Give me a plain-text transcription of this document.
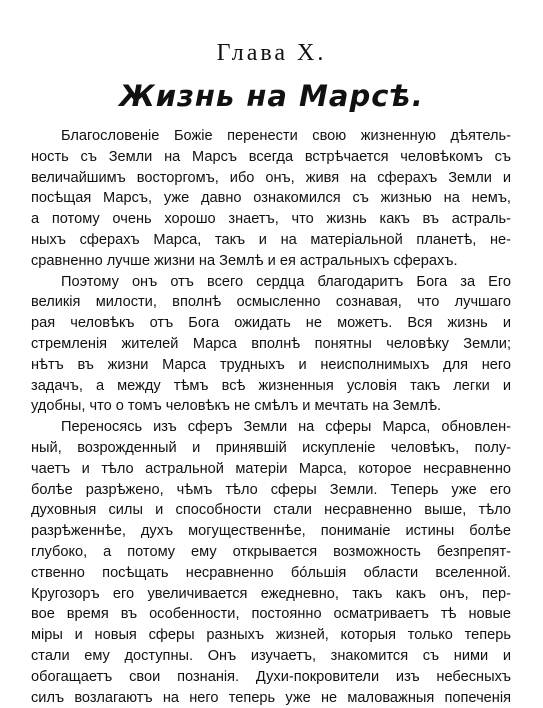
Глава X.
Жизнь на Марсѣ.
Благословеніе Божіе перенести свою жизненную дѣятель-
ность съ Земли на Марсъ всегда встрѣчается человѣкомъ съ
величайшимъ восторгомъ, ибо онъ, живя на сферахъ Земли и
посѣщая Марсъ, уже давно ознакомился съ жизнью на немъ,
а потому очень хорошо знаетъ, что жизнь какъ въ астраль-
ныхъ сферахъ Марса, такъ и на матеріальной планетѣ, не-
сравненно лучше жизни на Землѣ и ея астральныхъ сферахъ.
Поэтому онъ отъ всего сердца благодаритъ Бога за Его
великія милости, вполнѣ осмысленно сознавая, что лучшаго
рая человѣкъ отъ Бога ожидать не можетъ. Вся жизнь и
стремленія жителей Марса вполнѣ понятны человѣку Земли;
нѣтъ въ жизни Марса трудныхъ и неисполнимыхъ для него
задачъ, а между тѣмъ всѣ жизненныя условія такъ легки и
удобны, что о томъ человѣкъ не смѣлъ и мечтать на Землѣ.
Переносясь изъ сферъ Земли на сферы Марса, обновлен-
ный, возрожденный и принявшій искупленіе человѣкъ, полу-
чаетъ и тѣло астральной матеріи Марса, которое несравненно
болѣе разрѣжено, чѣмъ тѣло сферы Земли. Теперь уже его
духовныя силы и способности стали несравненно выше, тѣло
разрѣженнѣе, духъ могущественнѣе, пониманіе истины болѣе
глубоко, а потому ему открывается возможность безпрепят-
ственно посѣщать несравненно бóльшія области вселенной.
Кругозоръ его увеличивается ежедневно, такъ какъ онъ, пер-
вое время въ особенности, постоянно осматриваетъ тѣ новые
міры и новыя сферы разныхъ жизней, которыя только теперь
стали ему доступны. Онъ изучаетъ, знакомится съ ними и
обогащаетъ свои познанія. Духи-покровители изъ небесныхъ
силъ возлагаютъ на него теперь уже не маловажныя попеченія
